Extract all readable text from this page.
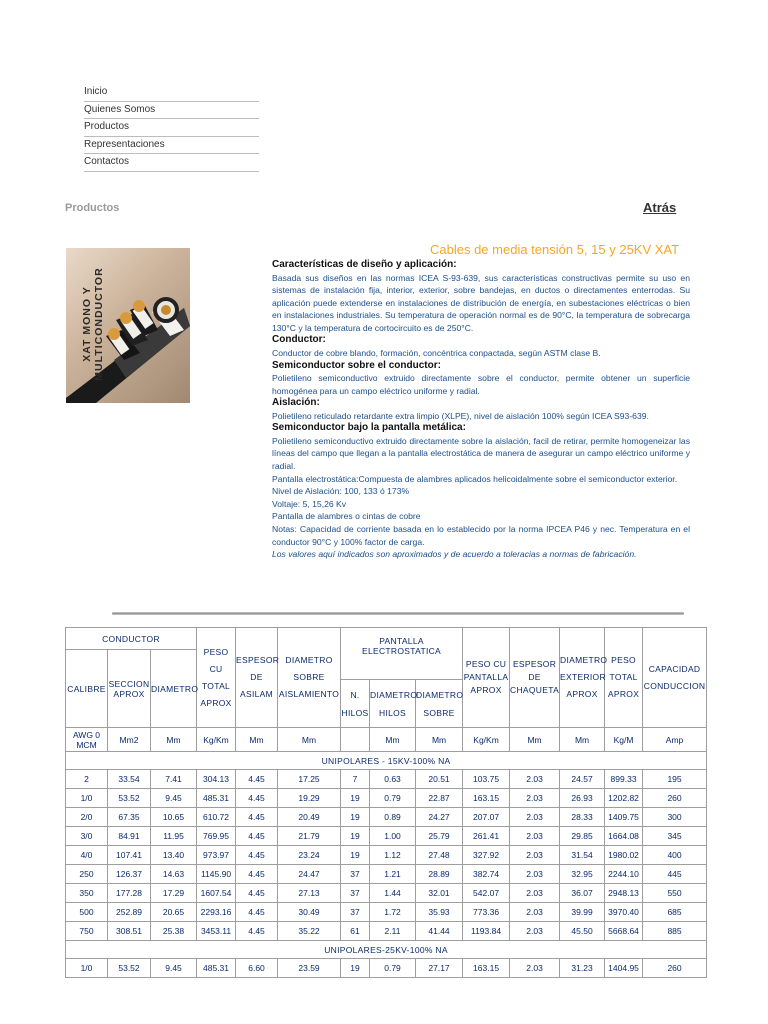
Inicio
Quienes Somos
Productos
Representaciones
Contactos
Productos	Atrás
XAT MONO Y
MULTICONDUCTOR
Cables de media tensión 5, 15 y 25KV XAT
Características de diseño y aplicación:
Basada sus diseños en las normas ICEA S-93-639, sus características constructivas permite su uso en sistemas de instalación fija, interior, exterior, sobre bandejas, en ductos o directamentes enterrodas. Su aplicación puede extenderse en instalaciones de distribución de energía, en subestaciones eléctricas o bien en instalaciones industriales. Su temperatura de operación normal es de 90°C, la temperatura de sobrecarga 130°C y la temperatura de cortocircuito es de 250°C.
Conductor:
Conductor de cobre blando, formación, concéntrica conpactada, según ASTM clase B.
Semiconductor sobre el conductor:
Polietileno semiconductivo extruido directamente sobre el conductor, permite obtener un superficie homogénea para un campo eléctrico uniforme y radial.
Aislación:
Polietileno reticulado retardante extra limpio (XLPE), nivel de aislación 100% según ICEA S93-639.
Semiconductor bajo la pantalla metálica:
Polietileno semiconductivo extruido directamente sobre la aislación, facil de retirar, permite homogeneizar las líneas del campo que llegan a la pantalla electrostática de manera de asegurar un campo eléctrico uniforme y radial.
Pantalla electrostática:Compuesta de alambres aplicados helicoidalmente sobre el semiconductor exterior.
Nivel de Aislación: 100, 133 ó 173%
Voltaje: 5, 15,26 Kv
Pantalla de alambres o cintas de cobre
Notas: Capacidad de corriente basada en lo establecido por la norma IPCEA P46 y nec. Temperatura en el conductor 90°C y 100% factor de carga.
Los valores aquí indicados son aproximados y de acuerdo a toleracias a normas de fabricación.
CONDUCTOR			PESO CU TOTAL APROX	ESPESOR DE ASILAM	DIAMETRO SOBRE AISLAMIENTO	PANTALLA ELECTROSTATICA			PESO CU PANTALLA APROX	ESPESOR DE CHAQUETA	DIAMETRO EXTERIOR APROX	PESO TOTAL APROX	CAPACIDAD CONDUCCION
CALIBRE	SECCION APROX	DIAMETRO											
						N. HILOS	DIAMETRO HILOS	DIAMETRO SOBRE					
AWG 0 MCM	Mm2	Mm	Kg/Km	Mm	Mm		Mm	Mm	Kg/Km	Mm	Mm	Kg/M	Amp
UNIPOLARES - 15KV-100% NA													
2	33.54	7.41	304.13	4.45	17.25	7	0.63	20.51	103.75	2.03	24.57	899.33	195
1/0	53.52	9.45	485.31	4.45	19.29	19	0.79	22.87	163.15	2.03	26.93	1202.82	260
2/0	67.35	10.65	610.72	4.45	20.49	19	0.89	24.27	207.07	2.03	28.33	1409.75	300
3/0	84.91	11.95	769.95	4.45	21.79	19	1.00	25.79	261.41	2.03	29.85	1664.08	345
4/0	107.41	13.40	973.97	4.45	23.24	19	1.12	27.48	327.92	2.03	31.54	1980.02	400
250	126.37	14.63	1145.90	4.45	24.47	37	1.21	28.89	382.74	2.03	32.95	2244.10	445
350	177.28	17.29	1607.54	4.45	27.13	37	1.44	32.01	542.07	2.03	36.07	2948.13	550
500	252.89	20.65	2293.16	4.45	30.49	37	1.72	35.93	773.36	2.03	39.99	3970.40	685
750	308.51	25.38	3453.11	4.45	35.22	61	2.11	41.44	1193.84	2.03	45.50	5668.64	885
UNIPOLARES-25KV-100% NA													
1/0	53.52	9.45	485.31	6.60	23.59	19	0.79	27.17	163.15	2.03	31.23	1404.95	260
